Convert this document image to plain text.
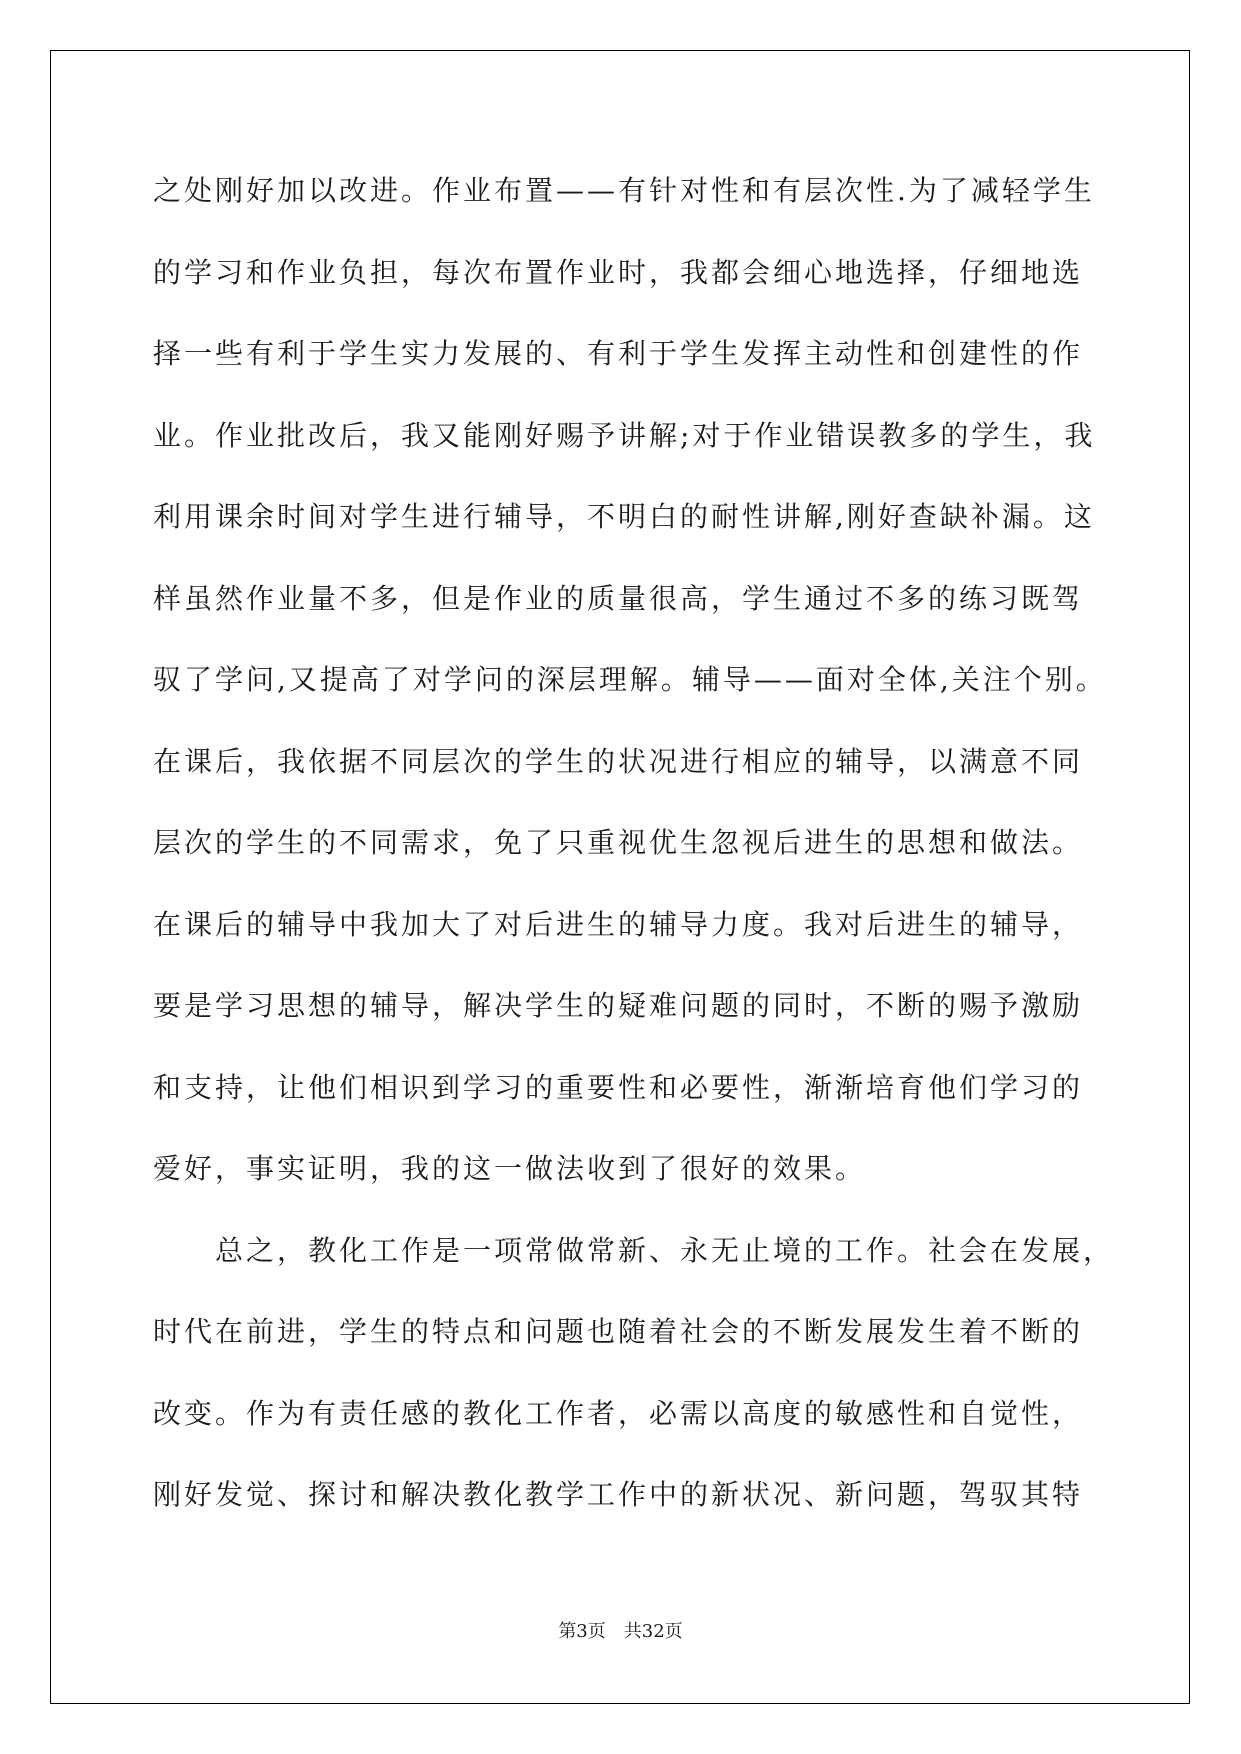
之处刚好加以改进。作业布置——有针对性和有层次性.为了减轻学生
的学习和作业负担，每次布置作业时，我都会细心地选择，仔细地选
择一些有利于学生实力发展的、有利于学生发挥主动性和创建性的作
业。作业批改后，我又能刚好赐予讲解;对于作业错误教多的学生，我
利用课余时间对学生进行辅导，不明白的耐性讲解,刚好查缺补漏。这
样虽然作业量不多，但是作业的质量很高，学生通过不多的练习既驾
驭了学问,又提高了对学问的深层理解。辅导——面对全体,关注个别。
在课后，我依据不同层次的学生的状况进行相应的辅导，以满意不同
层次的学生的不同需求，免了只重视优生忽视后进生的思想和做法。
在课后的辅导中我加大了对后进生的辅导力度。我对后进生的辅导，
要是学习思想的辅导，解决学生的疑难问题的同时，不断的赐予激励
和支持，让他们相识到学习的重要性和必要性，渐渐培育他们学习的
爱好，事实证明，我的这一做法收到了很好的效果。
　　总之，教化工作是一项常做常新、永无止境的工作。社会在发展，
时代在前进，学生的特点和问题也随着社会的不断发展发生着不断的
改变。作为有责任感的教化工作者，必需以高度的敏感性和自觉性，
刚好发觉、探讨和解决教化教学工作中的新状况、新问题，驾驭其特
第3页　共32页
